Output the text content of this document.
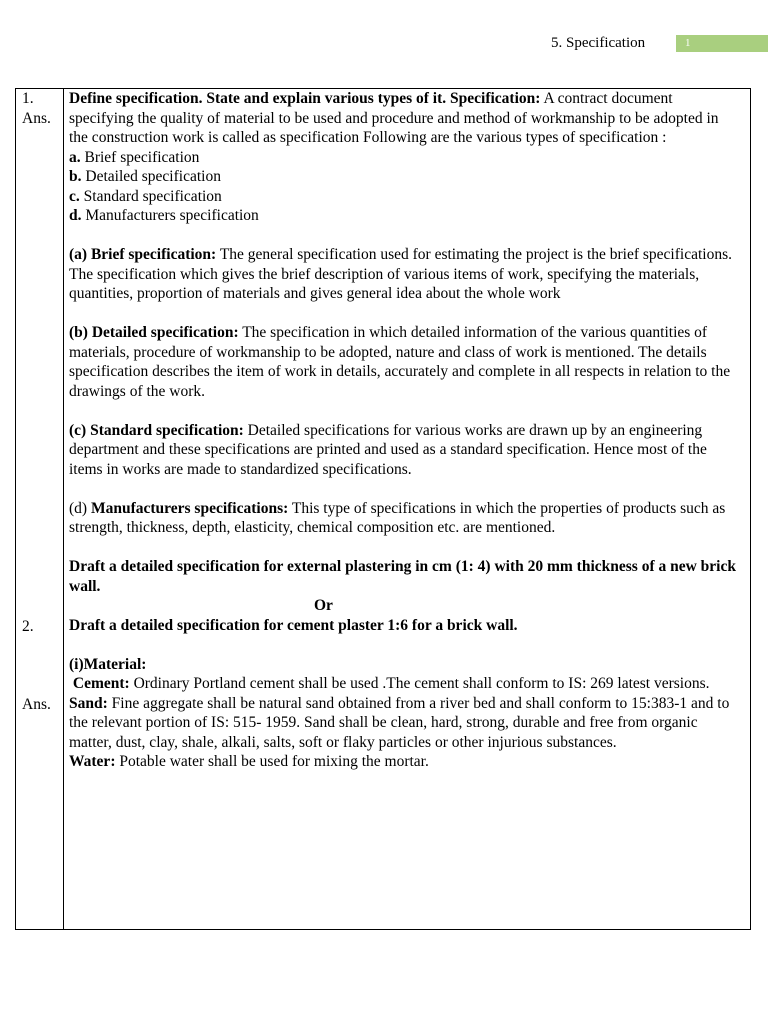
5. Specification	1
1.
Ans.
2.
Ans.

Define specification. State and explain various types of it. Specification: A contract document specifying the quality of material to be used and procedure and method of workmanship to be adopted in the construction work is called as specification Following are the various types of specification :

a. Brief specification

b. Detailed specification

c. Standard specification

d. Manufacturers specification

(a) Brief specification: The general specification used for estimating the project is the brief specifications. The specification which gives the brief description of various items of work, specifying the materials, quantities, proportion of materials and gives general idea about the whole work

(b) Detailed specification: The specification in which detailed information of the various quantities of materials, procedure of workmanship to be adopted, nature and class of work is mentioned. The details specification describes the item of work in details, accurately and complete in all respects in relation to the drawings of the work.

(c) Standard specification: Detailed specifications for various works are drawn up by an engineering department and these specifications are printed and used as a standard specification. Hence most of the items in works are made to standardized specifications.

(d) Manufacturers specifications: This type of specifications in which the properties of products such as strength, thickness, depth, elasticity, chemical composition etc. are mentioned.

Draft a detailed specification for external plastering in cm (1: 4) with 20 mm thickness of a new brick wall.

Or

Draft a detailed specification for cement plaster 1:6 for a brick wall.

(i)Material:

Cement: Ordinary Portland cement shall be used .The cement shall conform to IS: 269 latest versions.

Sand: Fine aggregate shall be natural sand obtained from a river bed and shall conform to 15:383-1 and to the relevant portion of IS: 515- 1959. Sand shall be clean, hard, strong, durable and free from organic matter, dust, clay, shale, alkali, salts, soft or flaky particles or other injurious substances.

Water: Potable water shall be used for mixing the mortar.
